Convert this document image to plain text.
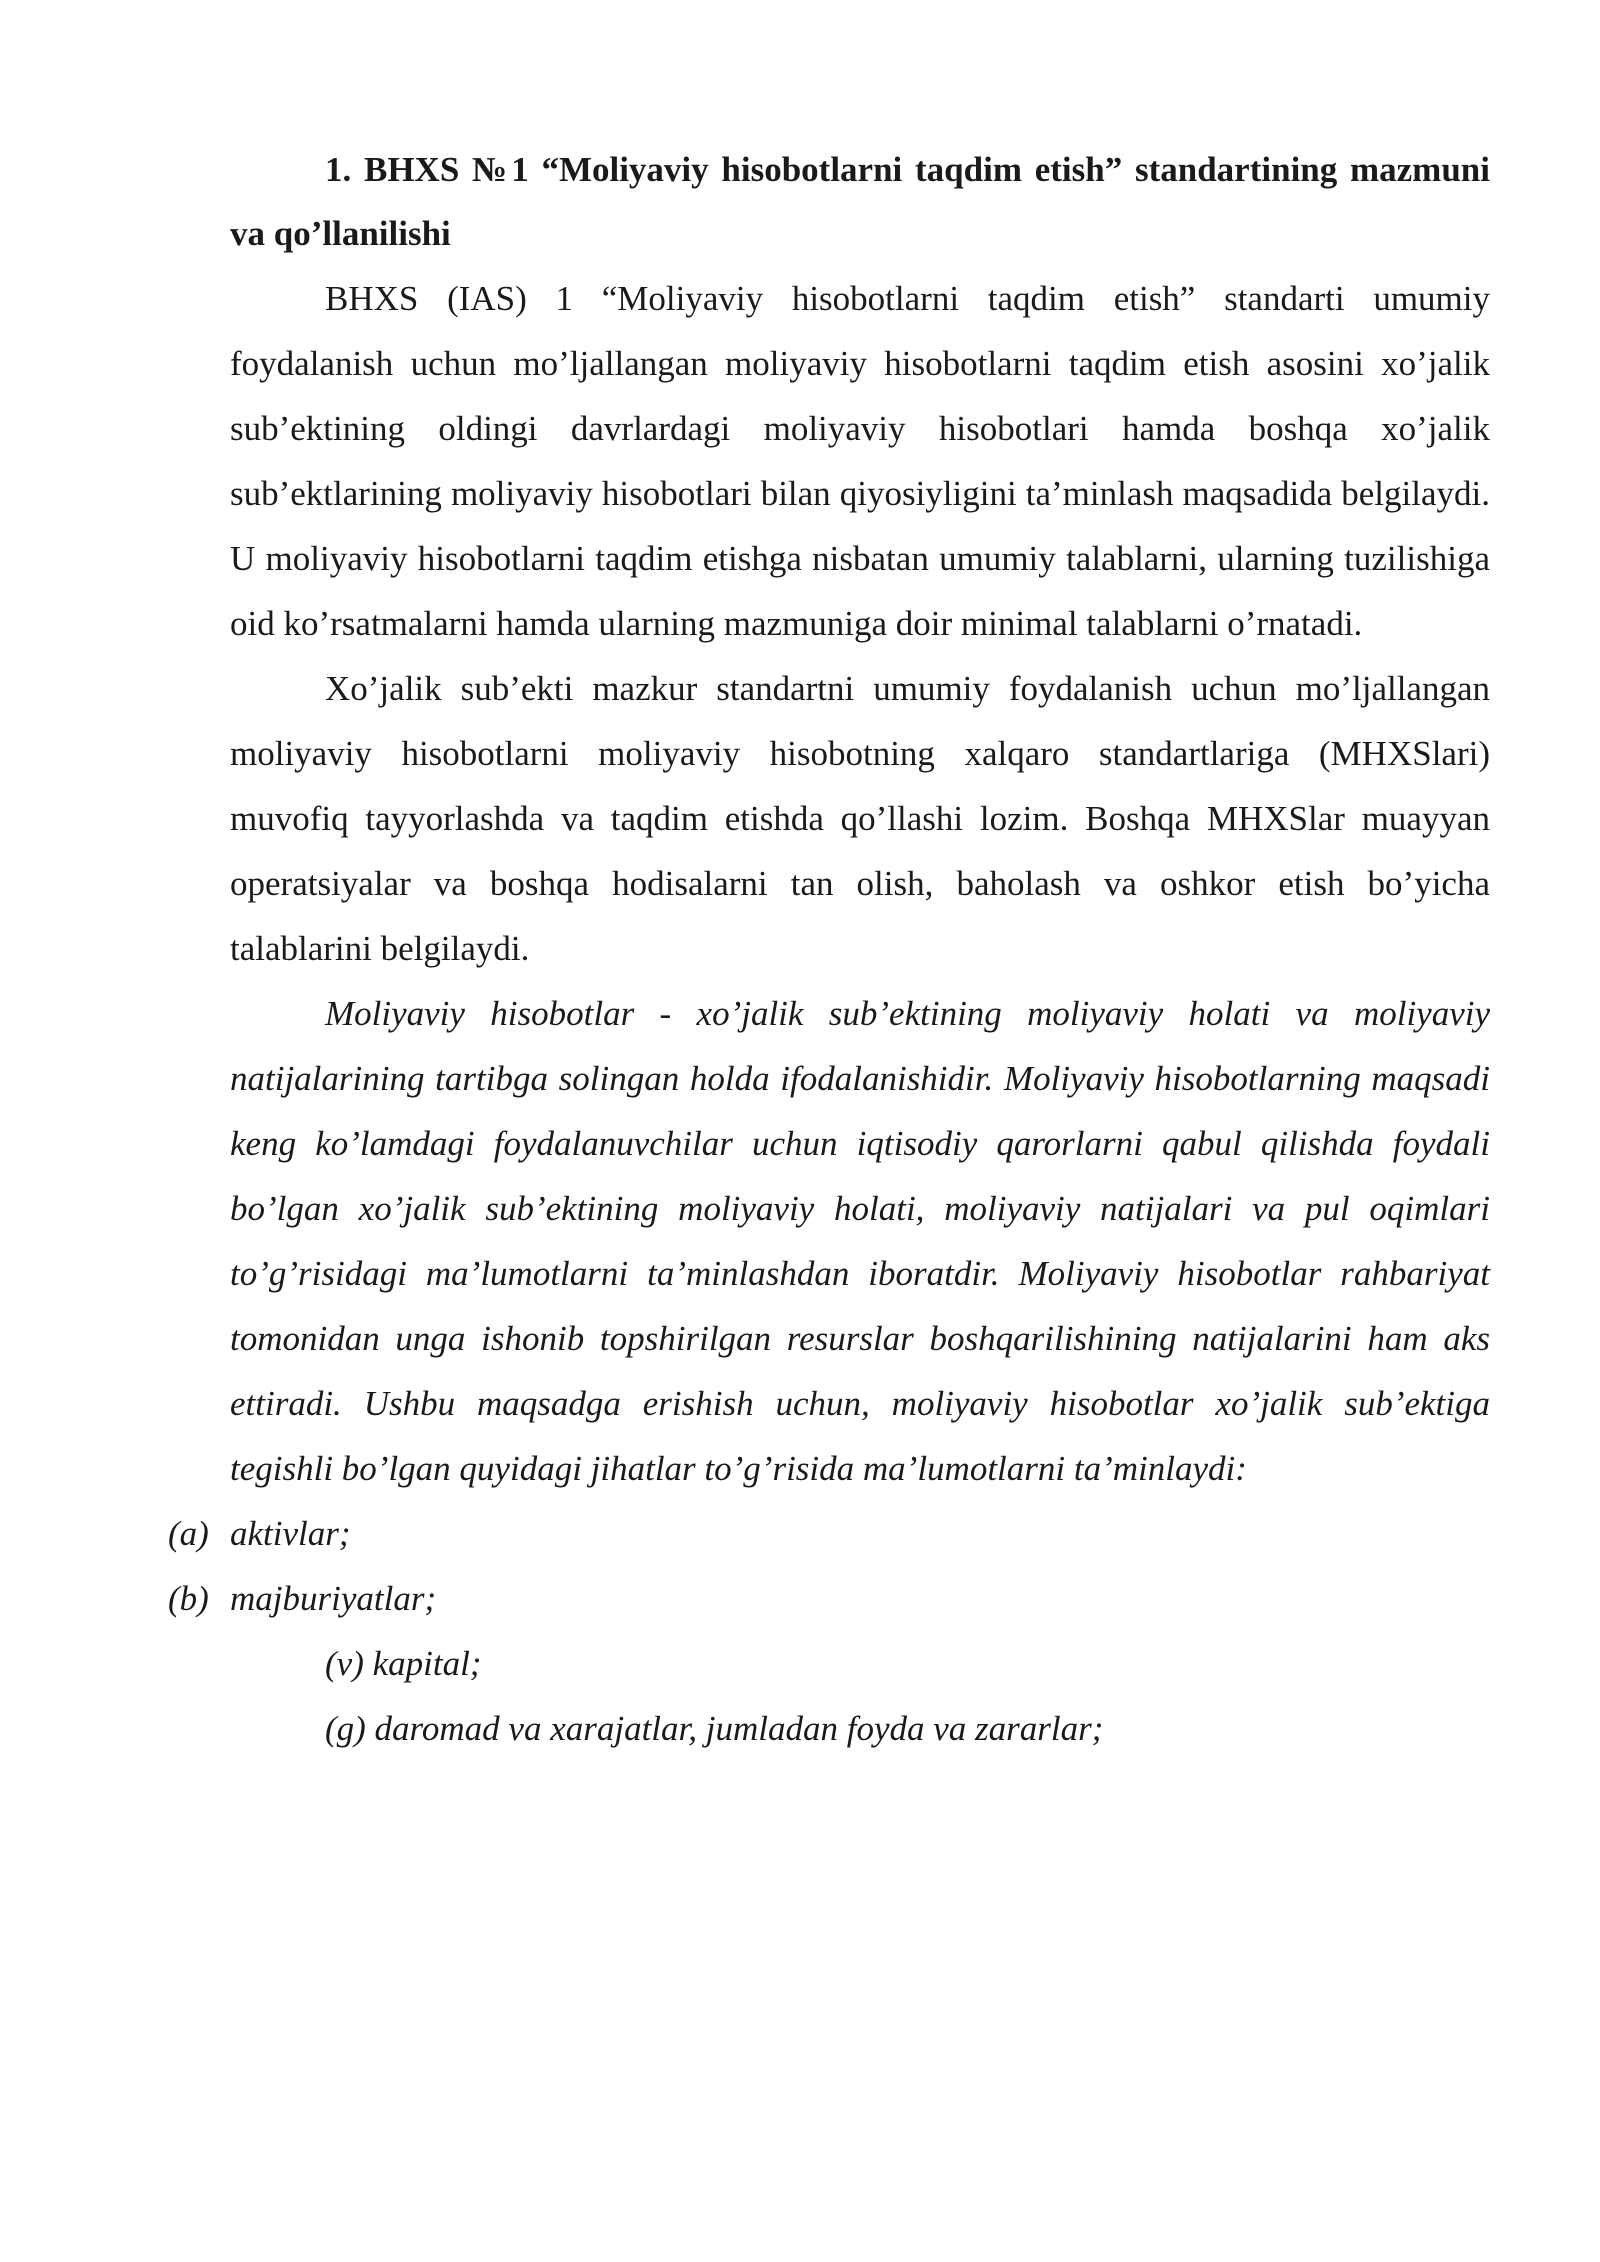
1. BHXS №1 “Moliyaviy hisobotlarni taqdim etish” standartining mazmuni va qo’llanilishi

BHXS (IAS) 1 “Moliyaviy hisobotlarni taqdim etish” standarti umumiy foydalanish uchun mo’ljallangan moliyaviy hisobotlarni taqdim etish asosini xo’jalik sub’ektining oldingi davrlardagi moliyaviy hisobotlari hamda boshqa xo’jalik sub’ektlarining moliyaviy hisobotlari bilan qiyosiyligini ta’minlash maqsadida belgilaydi. U moliyaviy hisobotlarni taqdim etishga nisbatan umumiy talablarni, ularning tuzilishiga oid ko’rsatmalarni hamda ularning mazmuniga doir minimal talablarni o’rnatadi.

Xo’jalik sub’ekti mazkur standartni umumiy foydalanish uchun mo’ljallangan moliyaviy hisobotlarni moliyaviy hisobotning xalqaro standartlariga (MHXSlari) muvofiq tayyorlashda va taqdim etishda qo’llashi lozim. Boshqa MHXSlar muayyan operatsiyalar va boshqa hodisalarni tan olish, baholash va oshkor etish bo’yicha talablarini belgilaydi.

Moliyaviy hisobotlar - xo’jalik sub’ektining moliyaviy holati va moliyaviy natijalarining tartibga solingan holda ifodalanishidir. Moliyaviy hisobotlarning maqsadi keng ko’lamdagi foydalanuvchilar uchun iqtisodiy qarorlarni qabul qilishda foydali bo’lgan xo’jalik sub’ektining moliyaviy holati, moliyaviy natijalari va pul oqimlari to’g’risidagi ma’lumotlarni ta’minlashdan iboratdir. Moliyaviy hisobotlar rahbariyat tomonidan unga ishonib topshirilgan resurslar boshqarilishining natijalarini ham aks ettiradi. Ushbu maqsadga erishish uchun, moliyaviy hisobotlar xo’jalik sub’ektiga tegishli bo’lgan quyidagi jihatlar to’g’risida ma’lumotlarni ta’minlaydi:

(a) aktivlar;
(b) majburiyatlar;
(v) kapital;
(g) daromad va xarajatlar, jumladan foyda va zararlar;
